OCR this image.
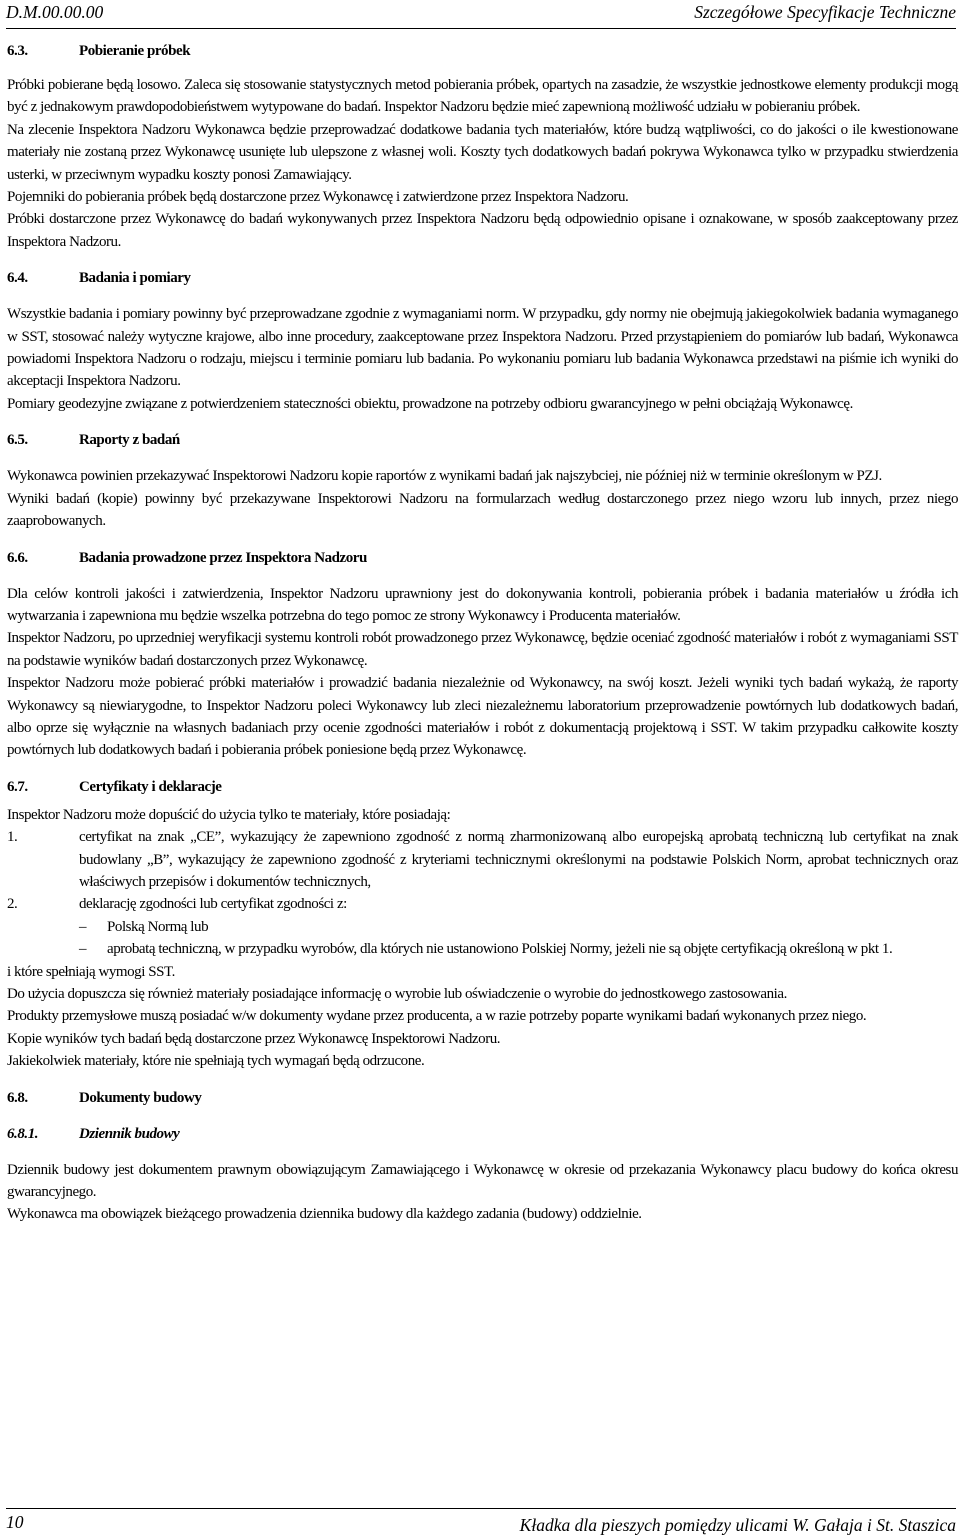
D.M.00.00.00	Szczegółowe Specyfikacje Techniczne
6.3.	Pobieranie próbek

Próbki pobierane będą losowo. Zaleca się stosowanie statystycznych metod pobierania próbek, opartych na zasadzie, że wszystkie jednostkowe elementy produkcji mogą być z jednakowym prawdopodobieństwem wytypowane do badań. Inspektor Nadzoru będzie mieć zapewnioną możliwość udziału w pobieraniu próbek.

Na zlecenie Inspektora Nadzoru Wykonawca będzie przeprowadzać dodatkowe badania tych materiałów, które budzą wątpliwości, co do jakości o ile kwestionowane materiały nie zostaną przez Wykonawcę usunięte lub ulepszone z własnej woli. Koszty tych dodatkowych badań pokrywa Wykonawca tylko w przypadku stwierdzenia usterki, w przeciwnym wypadku koszty ponosi Zamawiający.

Pojemniki do pobierania próbek będą dostarczone przez Wykonawcę i zatwierdzone przez Inspektora Nadzoru.

Próbki dostarczone przez Wykonawcę do badań wykonywanych przez Inspektora Nadzoru będą odpowiednio opisane i oznakowane, w sposób zaakceptowany przez Inspektora Nadzoru.

6.4.	Badania i pomiary

Wszystkie badania i pomiary powinny być przeprowadzane zgodnie z wymaganiami norm. W przypadku, gdy normy nie obejmują jakiegokolwiek badania wymaganego w SST, stosować należy wytyczne krajowe, albo inne procedury, zaakceptowane przez Inspektora Nadzoru. Przed przystąpieniem do pomiarów lub badań, Wykonawca powiadomi Inspektora Nadzoru o rodzaju, miejscu i terminie pomiaru lub badania. Po wykonaniu pomiaru lub badania Wykonawca przedstawi na piśmie ich wyniki do akceptacji Inspektora Nadzoru.

Pomiary geodezyjne związane z potwierdzeniem stateczności obiektu, prowadzone na potrzeby odbioru gwarancyjnego w pełni obciążają Wykonawcę.

6.5.	Raporty z badań

Wykonawca powinien przekazywać Inspektorowi Nadzoru kopie raportów z wynikami badań jak najszybciej, nie później niż w terminie określonym w PZJ.

Wyniki badań (kopie) powinny być przekazywane Inspektorowi Nadzoru na formularzach według dostarczonego przez niego wzoru lub innych, przez niego zaaprobowanych.

6.6.	Badania prowadzone przez Inspektora Nadzoru

Dla celów kontroli jakości i zatwierdzenia, Inspektor Nadzoru uprawniony jest do dokonywania kontroli, pobierania próbek i badania materiałów u źródła ich wytwarzania i zapewniona mu będzie wszelka potrzebna do tego pomoc ze strony Wykonawcy i Producenta materiałów.

Inspektor Nadzoru, po uprzedniej weryfikacji systemu kontroli robót prowadzonego przez Wykonawcę, będzie oceniać zgodność materiałów i robót z wymaganiami SST na podstawie wyników badań dostarczonych przez Wykonawcę.

Inspektor Nadzoru może pobierać próbki materiałów i prowadzić badania niezależnie od Wykonawcy, na swój koszt. Jeżeli wyniki tych badań wykażą, że raporty Wykonawcy są niewiarygodne, to Inspektor Nadzoru poleci Wykonawcy lub zleci niezależnemu laboratorium przeprowadzenie powtórnych lub dodatkowych badań, albo oprze się wyłącznie na własnych badaniach przy ocenie zgodności materiałów i robót z dokumentacją projektową i SST. W takim przypadku całkowite koszty powtórnych lub dodatkowych badań i pobierania próbek poniesione będą przez Wykonawcę.

6.7.	Certyfikaty i deklaracje

Inspektor Nadzoru może dopuścić do użycia tylko te materiały, które posiadają:

1.	certyfikat na znak „CE”, wykazujący że zapewniono zgodność z normą zharmonizowaną albo europejską aprobatą techniczną lub certyfikat na znak budowlany „B”, wykazujący że zapewniono zgodność z kryteriami technicznymi określonymi na podstawie Polskich Norm, aprobat technicznych oraz właściwych przepisów i dokumentów technicznych,
2.	deklarację zgodności lub certyfikat zgodności z:
–	Polską Normą lub
–	aprobatą techniczną, w przypadku wyrobów, dla których nie ustanowiono Polskiej Normy, jeżeli nie są objęte certyfikacją określoną w pkt 1.

i które spełniają wymogi SST.

Do użycia dopuszcza się również materiały posiadające informację o wyrobie lub oświadczenie o wyrobie do jednostkowego zastosowania.

Produkty przemysłowe muszą posiadać w/w dokumenty wydane przez producenta, a w razie potrzeby poparte wynikami badań wykonanych przez niego.

Kopie wyników tych badań będą dostarczone przez Wykonawcę Inspektorowi Nadzoru.

Jakiekolwiek materiały, które nie spełniają tych wymagań będą odrzucone.

6.8.	Dokumenty budowy
6.8.1.	Dziennik budowy

Dziennik budowy jest dokumentem prawnym obowiązującym Zamawiającego i Wykonawcę w okresie od przekazania Wykonawcy placu budowy do końca okresu gwarancyjnego.

Wykonawca ma obowiązek bieżącego prowadzenia dziennika budowy dla każdego zadania (budowy) oddzielnie.

10	Kładka dla pieszych pomiędzy ulicami W. Gałaja i St. Staszica
